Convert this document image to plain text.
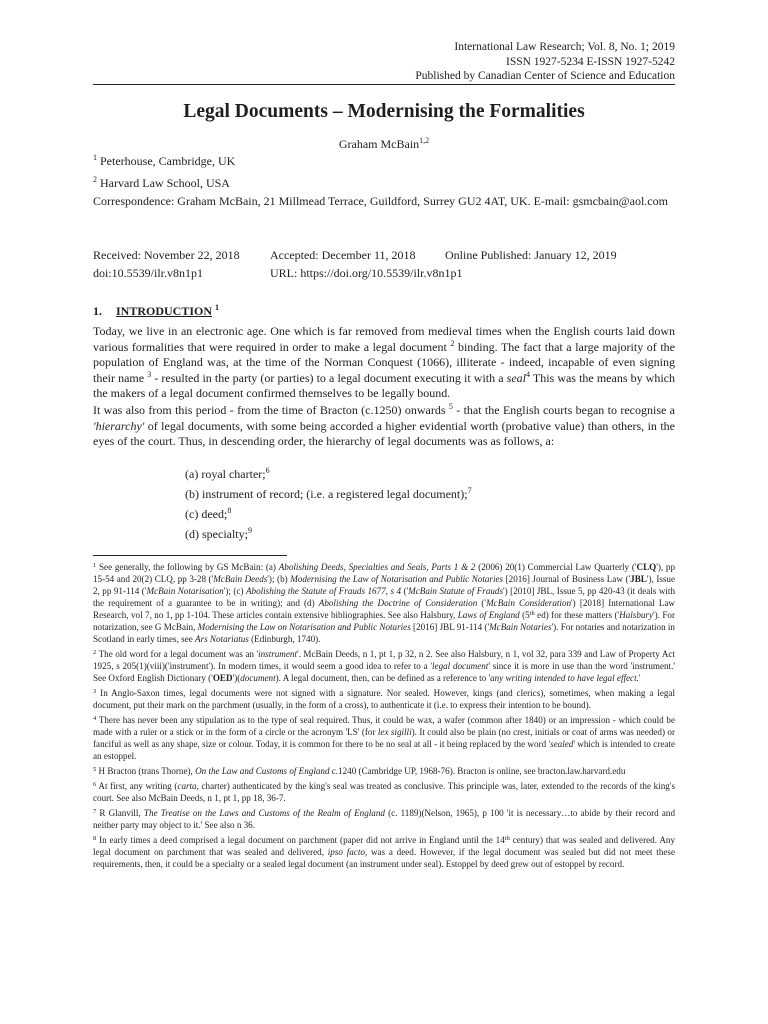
International Law Research; Vol. 8, No. 1; 2019
ISSN 1927-5234 E-ISSN 1927-5242
Published by Canadian Center of Science and Education
Legal Documents – Modernising the Formalities
Graham McBain$^{1,2}$
$^1$ Peterhouse, Cambridge, UK
$^2$ Harvard Law School, USA
Correspondence: Graham McBain, 21 Millmead Terrace, Guildford, Surrey GU2 4AT, UK. E-mail: gsmcbain@aol.com
Received: November 22, 2018	Accepted: December 11, 2018	Online Published: January 12, 2019
doi:10.5539/ilr.v8n1p1	URL: https://doi.org/10.5539/ilr.v8n1p1
1. INTRODUCTION $^1$
Today, we live in an electronic age. One which is far removed from medieval times when the English courts laid down various formalities that were required in order to make a legal document $^2$ binding. The fact that a large majority of the population of England was, at the time of the Norman Conquest (1066), illiterate - indeed, incapable of even signing their name $^3$ - resulted in the party (or parties) to a legal document executing it with a seal$^4$ This was the means by which the makers of a legal document confirmed themselves to be legally bound.
It was also from this period - from the time of Bracton (c.1250) onwards $^5$ - that the English courts began to recognise a 'hierarchy' of legal documents, with some being accorded a higher evidential worth (probative value) than others, in the eyes of the court. Thus, in descending order, the hierarchy of legal documents was as follows, a:
(a) royal charter;$^6$
(b) instrument of record; (i.e. a registered legal document);$^7$
(c) deed;$^8$
(d) specialty;$^9$
$^1$ See generally, the following by GS McBain: (a) Abolishing Deeds, Specialties and Seals, Parts 1 & 2 (2006) 20(1) Commercial Law Quarterly ('CLQ'), pp 15-54 and 20(2) CLQ, pp 3-28 ('McBain Deeds'); (b) Modernising the Law of Notarisation and Public Notaries [2016] Journal of Business Law ('JBL'), Issue 2, pp 91-114 ('McBain Notarisation'); (c) Abolishing the Statute of Frauds 1677, s 4 ('McBain Statute of Frauds') [2010] JBL, Issue 5, pp 420-43 (it deals with the requirement of a guarantee to be in writing); and (d) Abolishing the Doctrine of Consideration ('McBain Consideration') [2018] International Law Research, vol 7, no 1, pp 1-104. These articles contain extensive bibliographies. See also Halsbury, Laws of England (5th ed) for these matters ('Halsbury'). For notarization, see G McBain, Modernising the Law on Notarisation and Public Notaries [2016] JBL 91-114 ('McBain Notaries'). For notaries and notarization in Scotland in early times, see Ars Notariatus (Edinburgh, 1740).
$^2$ The old word for a legal document was an 'instrument'. McBain Deeds, n 1, pt 1, p 32, n 2. See also Halsbury, n 1, vol 32, para 339 and Law of Property Act 1925, s 205(1)(viii)('instrument'). In modern times, it would seem a good idea to refer to a 'legal document' since it is more in use than the word 'instrument.' See Oxford English Dictionary ('OED')(document). A legal document, then, can be defined as a reference to 'any writing intended to have legal effect.'
$^3$ In Anglo-Saxon times, legal documents were not signed with a signature. Nor sealed. However, kings (and clerics), sometimes, when making a legal document, put their mark on the parchment (usually, in the form of a cross), to authenticate it (i.e. to express their intention to be bound).
$^4$ There has never been any stipulation as to the type of seal required. Thus, it could be wax, a wafer (common after 1840) or an impression - which could be made with a ruler or a stick or in the form of a circle or the acronym 'LS' (for lex sigilli). It could also be plain (no crest, initials or coat of arms was needed) or fanciful as well as any shape, size or colour. Today, it is common for there to be no seal at all - it being replaced by the word 'sealed' which is intended to create an estoppel.
$^5$ H Bracton (trans Thorne), On the Law and Customs of England c.1240 (Cambridge UP, 1968-76). Bracton is online, see bracton.law.harvard.edu
$^6$ At first, any writing (carta, charter) authenticated by the king's seal was treated as conclusive. This principle was, later, extended to the records of the king's court. See also McBain Deeds, n 1, pt 1, pp 18, 36-7.
$^7$ R Glanvill, The Treatise on the Laws and Customs of the Realm of England (c. 1189)(Nelson, 1965), p 100 'it is necessary…to abide by their record and neither party may object to it.' See also n 36.
$^8$ In early times a deed comprised a legal document on parchment (paper did not arrive in England until the 14th century) that was sealed and delivered. Any legal document on parchment that was sealed and delivered, ipso facto, was a deed. However, if the legal document was sealed but did not meet these requirements, then, it could be a specialty or a sealed legal document (an instrument under seal). Estoppel by deed grew out of estoppel by record.
